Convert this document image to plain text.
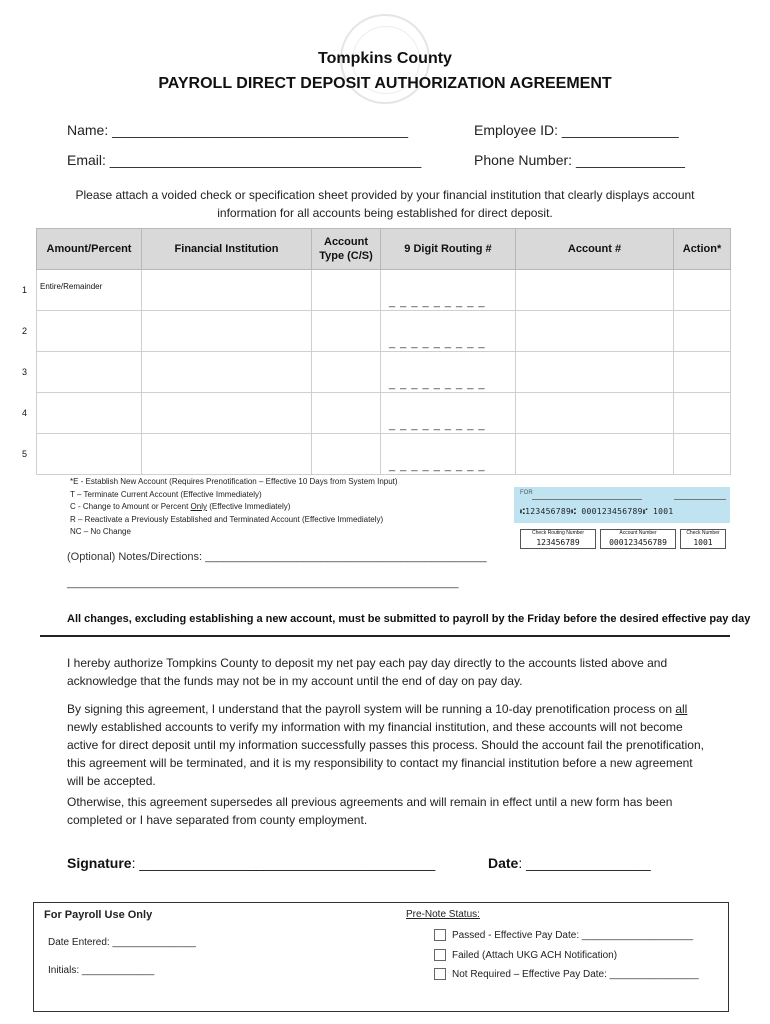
Tompkins County
PAYROLL DIRECT DEPOSIT AUTHORIZATION AGREEMENT
Name: ______________________________________	Employee ID: _______________
Email: ________________________________________	Phone Number: ______________
Please attach a voided check or specification sheet provided by your financial institution that clearly displays account information for all accounts being established for direct deposit.
Amount/Percent	Financial Institution	Account Type (C/S)	9 Digit Routing #	Account #	Action*

Entire/Remainder			_ _ _ _ _ _ _ _ _		

			_ _ _ _ _ _ _ _ _		

			_ _ _ _ _ _ _ _ _		

			_ _ _ _ _ _ _ _ _		

			_ _ _ _ _ _ _ _ _		

1
2
3
4
5
*E - Establish New Account (Requires Prenotification – Effective 10 Days from System Input)
T – Terminate Current Account (Effective Immediately)
C - Change to Amount or Percent Only (Effective Immediately)
R – Reactivate a Previously Established and Terminated Account (Effective Immediately)
NC – No Change
FOR
⑆123456789⑆ 000123456789⑈ 1001
Check Routing Number
123456789
Account Number
000123456789
Check Number
1001
(Optional) Notes/Directions: ______________________________________________
________________________________________________________________
All changes, excluding establishing a new account, must be submitted to payroll by the Friday before the desired effective pay day
I hereby authorize Tompkins County to deposit my net pay each pay day directly to the accounts listed above and acknowledge that the funds may not be in my account until the end of day on pay day.
By signing this agreement, I understand that the payroll system will be running a 10-day prenotification process on all newly established accounts to verify my information with my financial institution, and these accounts will not become active for direct deposit until my information successfully passes this process. Should the account fail the prenotification, this agreement will be terminated, and it is my responsibility to contact my financial institution before a new agreement will be accepted.
Otherwise, this agreement supersedes all previous agreements and will remain in effect until a new form has been completed or I have separated from county employment.
Signature: ______________________________________	Date: ________________
For Payroll Use Only
Date Entered: _______________
Initials: _____________
Pre-Note Status:
Passed - Effective Pay Date: ____________________
Failed (Attach UKG ACH Notification)
Not Required – Effective Pay Date: ________________
